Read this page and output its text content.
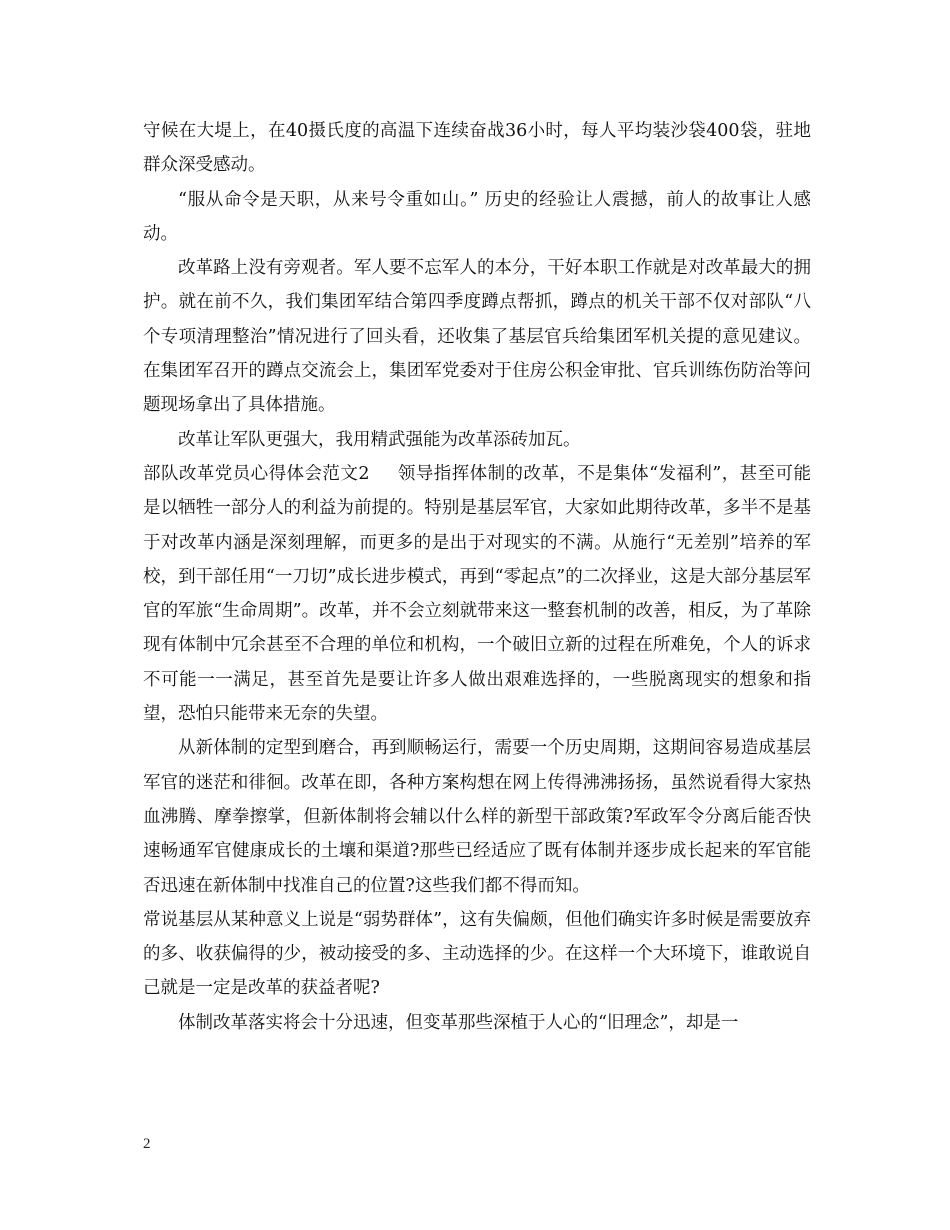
守候在大堤上，在40摄氏度的高温下连续奋战36小时，每人平均装沙袋400袋，驻地群众深受感动。

“服从命令是天职，从来号令重如山。” 历史的经验让人震撼，前人的故事让人感动。

改革路上没有旁观者。军人要不忘军人的本分，干好本职工作就是对改革最大的拥护。就在前不久，我们集团军结合第四季度蹲点帮抓，蹲点的机关干部不仅对部队“八个专项清理整治”情况进行了回头看，还收集了基层官兵给集团军机关提的意见建议。在集团军召开的蹲点交流会上，集团军党委对于住房公积金审批、官兵训练伤防治等问题现场拿出了具体措施。

改革让军队更强大，我用精武强能为改革添砖加瓦。

部队改革党员心得体会范文2 领导指挥体制的改革，不是集体“发福利”，甚至可能是以牺牲一部分人的利益为前提的。特别是基层军官，大家如此期待改革，多半不是基于对改革内涵是深刻理解，而更多的是出于对现实的不满。从施行“无差别”培养的军校，到干部任用“一刀切”成长进步模式，再到“零起点”的二次择业，这是大部分基层军官的军旅“生命周期”。改革，并不会立刻就带来这一整套机制的改善，相反，为了革除现有体制中冗余甚至不合理的单位和机构，一个破旧立新的过程在所难免，个人的诉求不可能一一满足，甚至首先是要让许多人做出艰难选择的，一些脱离现实的想象和指望，恐怕只能带来无奈的失望。

从新体制的定型到磨合，再到顺畅运行，需要一个历史周期，这期间容易造成基层军官的迷茫和徘徊。改革在即，各种方案构想在网上传得沸沸扬扬，虽然说看得大家热血沸腾、摩拳擦掌，但新体制将会辅以什么样的新型干部政策?军政军令分离后能否快速畅通军官健康成长的土壤和渠道?那些已经适应了既有体制并逐步成长起来的军官能否迅速在新体制中找准自己的位置?这些我们都不得而知。

常说基层从某种意义上说是“弱势群体”，这有失偏颇，但他们确实许多时候是需要放弃的多、收获偏得的少，被动接受的多、主动选择的少。在这样一个大环境下，谁敢说自己就是一定是改革的获益者呢?

体制改革落实将会十分迅速，但变革那些深植于人心的“旧理念”，却是一

2
